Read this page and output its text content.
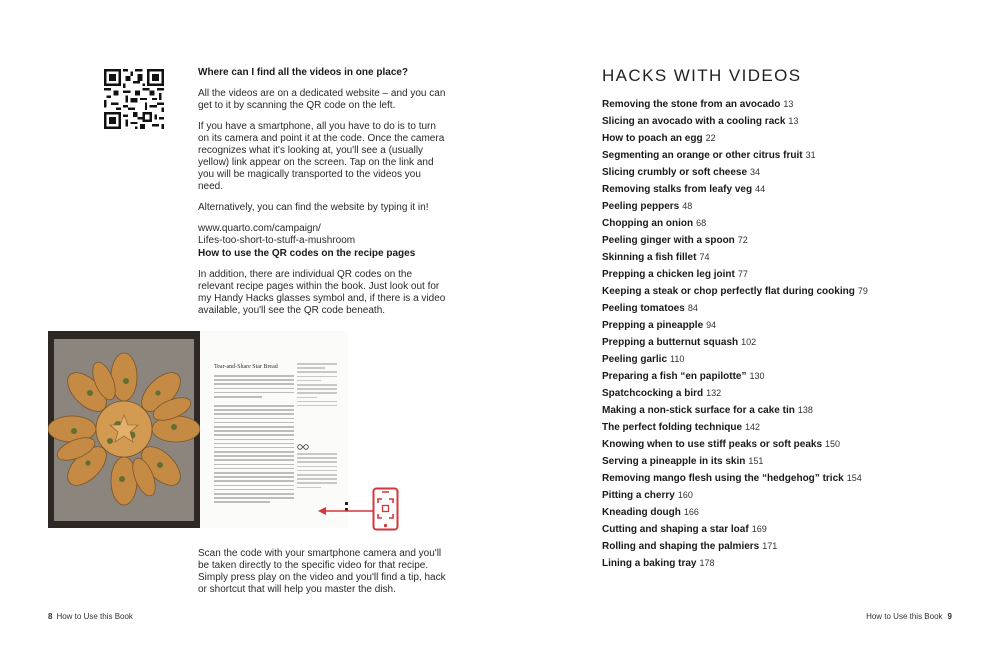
Where can I find all the videos in one place?

All the videos are on a dedicated website – and you can get to it by scanning the QR code on the left.

If you have a smartphone, all you have to do is to turn on its camera and point it at the code. Once the camera recognizes what it's looking at, you'll see a (usually yellow) link appear on the screen. Tap on the link and you will be magically transported to the videos you need.

Alternatively, you can find the website by typing it in!

www.quarto.com/campaign/
Lifes-too-short-to-stuff-a-mushroom

How to use the QR codes on the recipe pages

In addition, there are individual QR codes on the relevant recipe pages within the book. Just look out for my Handy Hacks glasses symbol and, if there is a video available, you'll see the QR code beneath.

Tear-and-Share Star Bread
Scan the code with your smartphone camera and you'll be taken directly to the specific video for that recipe. Simply press play on the video and you'll find a tip, hack or shortcut that will help you master the dish.
8 How to Use this Book	How to Use this Book 9
HACKS WITH VIDEOS
Removing the stone from an avocado 13
Slicing an avocado with a cooling rack 13
How to poach an egg 22
Segmenting an orange or other citrus fruit 31
Slicing crumbly or soft cheese 34
Removing stalks from leafy veg 44
Peeling peppers 48
Chopping an onion 68
Peeling ginger with a spoon 72
Skinning a fish fillet 74
Prepping a chicken leg joint 77
Keeping a steak or chop perfectly flat during cooking 79
Peeling tomatoes 84
Prepping a pineapple 94
Prepping a butternut squash 102
Peeling garlic 110
Preparing a fish “en papilotte” 130
Spatchcocking a bird 132
Making a non-stick surface for a cake tin 138
The perfect folding technique 142
Knowing when to use stiff peaks or soft peaks 150
Serving a pineapple in its skin 151
Removing mango flesh using the “hedgehog” trick 154
Pitting a cherry 160
Kneading dough 166
Cutting and shaping a star loaf 169
Rolling and shaping the palmiers 171
Lining a baking tray 178
